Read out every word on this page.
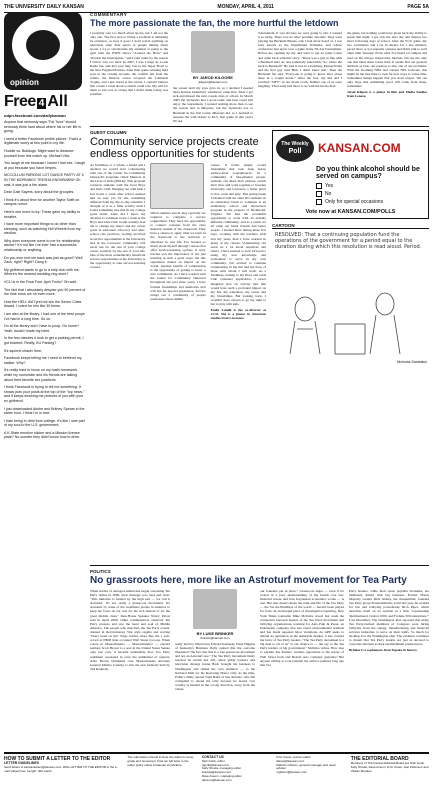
THE UNIVERSITY DAILY KANSAN	MONDAY, APRIL 4, 2011	PAGE 5A
opinion
Free 4 All
udpn.facebook.com/dailykansan

Anyone that seriously says "Fat Tuna" should seriously think hard about where his or her life is going.

I need a better Facebook profile picture. That's a legitimate worry at this point in my life.

Huddle vs. Bulldogs. Might want to distance yourself from this match up. Michael Vick.

You laugh at me because I haven't had sex. I laugh at you because you have herpes.

MCCOLLUM PARKING LOT DANCE PARTY AT 4 IN THE MORNING!! TEESHA KNOWWWW! Oh wait, it was just a fire alarm.

Dear Gale Sayers, sorry about the groupies.

I think it's about time for another Taylor Swift on campus rumor.

Here's one more to try: These gave my ability to breathe.

I have more important things to do other than sleeping, such as watching Hot Wheels from my window.

Why does everyone come to me for relationship advice? It's not like I've ever had a successful relationship or anything.

Do you ever text me back was just as good? Well Zack, right? Right? Dang it.

My girlfriend wants to go to a strip club with me. Where's the nearest wedding ring store?

VCU is in the Final Four. April Fools? Oh wait.

The fact that I absolutely despise you 90 percent of the time turns me on even more.

How the HELL did Tyrel not win the Senior Class Award. I voted for him like 30 times.

I am also at the library. I had one of the best poops I've had in a long time. So on.

I'm at the library and I have to poop. Go home? Yeah, would I trade my toilet.

In the few minutes it took to get a parking permit, I got ticketed. Really, KU Parking?

It's squirrel chasin' time.

Facebook keeps telling me I need to befriend my stalker. Why?

It's really hard to focus on my math homework while my roommate and his friends are talking about their favorite sex positions.

I think Facebook is trying to tell me something. It shows puts your posts at the top of the "top news," and it keeps showing me pictures of you with your ex girlfriend.

I just downloaded Adobe and Britney Spears in the same hour. I think I'm in love.

I hate being in debt from college. It's like I owe part of my soul to the U.S. government.

A K-State emotion sticker and a Mission license plate? No wonder they didn't know how to drive.

COMMENTARY
The more passionate the fan, the more hurtful the letdown
I probably care too much about sports, but I am not the only one. The first step to fixing a problem is admitting its existence, so here it goes: I don't watch anything on television other than sports or people talking about sports. I try to synchronize my attempts at going to the gym with the ESPN shows "Around the Horn" and "Pardon the Interruption," and I take trains by the season I follow way too hard. In 2001, I was a huge St. Louis Rams fan, and that year they lost in the Super Bowl to the New England Patriots. After their game-winning field goal in the closing seconds, the confetti fell from the rafters, the Patriots' owner accepted the Lombardi Trophy, and I just stared at the screen. I couldn't believe that a team I cared about so much could lose. My will for them to win was so strong that I didn't think losing was possible.
BY JAROD KILGORE
jkilgore@kansan.com
the screen until my eyes gave in, so I decided I needed more Kansas basketball, whichever came first. Then I got sick and missed the next couple days of school. In March 2005 the Jayhawks had a good team, and fans could still enjoy the tournament. I wanted nothing more than to see the season end in Missouri, but the Jayhawks lost to Bucknell in the first round. Missouri did, so I decided to surprise me with tickets to KU's first game in that year's NCAA
Tournament. It was obvious we were going to win. I wanted it so badly. There was no other possible outcome. They were playing the Bucknell Bisons, who I had never heard of. I was born known as the Intermittent Wiltshire, and whose conference had never won a game in the NCAA Tournament. Before the opening tip my dad went to get us some Cokes and came back with this story: "There was a guy in line with a Bucknell shirt on, and somebody asked him, 'So, where the heck is Bucknell?' He said it was in Lewisburg, Pennsylvania and the first guy said 'Huh, I didn't know that.' Then the Bucknell fan said, 'Everyone is going to know after about three in a couple hours.'" After the loss, my dad and I watched "SIFY" in our motel room. Neither one of us were laughing. That really had more to do with the movie than
the game, but nothing could have given back my ability to speak that night. I got sick the next day and missed two more following days of school. After the VCU game, my two roommates and I sat in silence for a few minutes, paced more or not supreme oneness and didn't talk to each other until Tuesday. From what I've heard on campus and read on the always trustworthy Internet, I'm not the only one that takes these losses hard. It seems that our greatest attribute as fans, our passion, is also one of our problems. With the booming NBA and current NFL lockouts, this might be the best time to look for new ways to waste time. Sometimes things happen that you don't expect. We can only hope that something good will come from these, sometimes.
Jarod Kilgore is a junior in film and Media Studies from Lenexa.
GUEST COLUMN
Community service projects create endless opportunities for students
As freshmen, or a whale, a friend and I decided we would start volunteering with one of the Center for Community Outreach's programs called Mentors in the Lives of Kids (MILK). This program connects students with the local Boys and Girls Club. Hanging out with kids a few hours a week after school seemed like an easy job for me, something different from my day-to-day schedule. I thought of it as a filler activity until I found something else that fit my college goals better. Little did I know my decision to volunteer twice a week at the Boys and Girls Club would actually lead me to change my major and my career goals in education advocacy and after-school care practices. Getting involved in service opportunities at the University and in the Lawrence community will never use for the rest of your college career, possibly for the rest of your life. One of the most academically beneficial service opportunities at the University is the opportunity to take service-learning courses.
When students enroll, they typically are required to complete a service requirement. They have the opportunity to connect concepts from the class material outside of the classroom. They have a chance to apply what we learn in the classroom to the textbook to situations in real life. I've learned so much about myself through courses that offer service-learning options. It truly teaches you the importance of not just learning in such a great ways, but this experience makes an impact on the world. Another benefit of volunteering is the opportunity of getting to know a new community. As I have worked with the Center for Community Outreach throughout the past three years, I have formed friendships and memories that will last far beyond graduation. Service brings out a community of people passionate about similar
causes. It forms deeply rooted friendships that took deep below surface-level acquaintances. In a community of like-minded people, students can share their passion, enrich their lives and work together to broaden University and Lawrence a better place to live, work and play. This spring break I travelled with six other KU students on an alternative break to volunteer at an elementary school and afterschool program in the projects of Richmond, Virginia. We had the wonderful opportunity to work with an entirely different community, and as a result we all came out better friends and better people. I learned more during those few days, working with the teachers, kids and my peers than I have learned in many of my classes. Volunteering can teach us a lot about ourselves and others. I have learned to look forward to using my new knowledge and excitement to serve in my own community. I'm excited to continue volunteering in my life and the lives of those with whom I will work. As a freshman, turning to my Boys and Girls Club volunteer application, I never imagined how an activity like that would have such a profound impact on my life, my education, my career and my friendships. But looking back, I wouldn't have chosen to go my right to but to play with kids.
Emily Lundh is the co-director at CCO. She is a junior in American studies from Lawrence.
The Weekly
Poll KANSAN.COM
Do you think alcohol should be served on campus?
Yes
No
Only for special occasions
Vote now at KANSAN.COM/POLLS
CARTOON
RESOLVED: That a continuing population fund the operations of the government for a period equal to the duration during which this resolution is read aloud. Period.
Nicholas Sambaluk
POLITICS
No grassroots here, more like an Astroturf movement for Tea Party
When hordes of outraged Americans began convening Tea Party rallies in 2009, their message was loud and clear. "This initiative is funded by the high end — we call it Astroturf. It's not really a grassroots movement. It's Astroturf by some of the wealthiest people in America to keep the focus on tax cuts for the rich instead of for the great middle class," then-House Speaker Nancy Pelosi said in April 2009. Other commentators observed Tea Party protests and saw the heart and soul of Middle America. The people who marched, the Tea Party events, donned in Revolutionary War style regalia and waving "Don't tread on me" flags, harder, more like the 1 p.m. crowd at IHOP than occupied Wall Street tycoons. When voters in Massachusetts — Massachusetts! — elected perhaps Scott Brown to a seat in the United States Senate only last year, it became undeniable that: Tea Party sentiment resonated in even the unlikeliest of regions. After Brown triumphed over Massachusetts Attorney General Martha Coakley to win the seat formerly held by Ted Kennedy,
BY LUKE BRINKER
lbrinker@kansan.com
really held by liberal lion Edward Kennedy, Dana Higgins of Kennedy's Business Daily opined that the outcome illustrated "the fact that this is a true grassroots movement and not an Astroturf one." The Tea Party movement likely reached its zenith last fall, when giddy backers and television throngs Glenn Beck brought his business to Washington and rallied his own audience — to the National Mall for his Restoring Honor rally. At the time, Politico Daily quoted Todd Baird of San Antonio, who felt compelled to attend the rally because he feared "our country is headed in the wrong direction, away from the values
our founders put in place." Grassroots anger — even if it's rooted in a poor understanding of the health care law, financial rescue and how Keynesian economics works — is real. But that doesn't mean the rank-and-file of the Tea Party — the Joe the Plumbers of the world — haven't been played for fools. In an intrepid piece of investigative reporting, New York Times journalist Mike McIntire reveal last week the connection between leaders of the Tea Party movement and lobbying organizations working for Asia Pulp & Paper, an Indonesian company that has razed environmental habitats and has made repeated labor violations. As APP seeks to defend its reputation in the American market, it has courted the favor of Tea Party leaders. "The Tea Party movement is a big deal to all of us" is our chance to — the say to the Tea Party leaders of big government," McIntire writes. How else to explain Tea Partiers' resolute opposition to the rescue of Wall Street from and Detroit auto company guaranty? But anyone willing to look beneath the surface realized long ago that Tea
Party leaders, while their spout populist bromides, are intimately linked with big business. Former House Majority Leader Dick Armey, the mastermind, founded Tea Party group FreedomWorks. Until last year, he worked for law and lobbying powerhouse DLA Piper, which describes itself on its website as a firm "representing 'multinational, Global 1000, and Fortune 500 enterprises.'" Last December, The Washington Post reported that many Tea Party-backed members of Congress were hiring lobbyists from the energy, manufacturing and financial services industries to serve on their staffs. So much for sticking it to the Washington elite. The evidence continues to mount that Tea Party leaders are just as devoted to corporate interests as their establishment predecessors.
Brinker is a sophomore from Topeka in history.
HOW TO SUBMIT A LETTER TO THE EDITOR
LETTER GUIDELINES
Send letters to kansanletters@kansan.com. Write LETTER TO THE EDITOR in the e-mail subject line. Length: 300 words.
The submission should include the author's name, grade and hometown. Find our full letter to the editor policy online at kansan.com/letters.
CONTACT US
Nick Gerik, editor
ngerik@kansan.com
Kelly Stroda, managing editor
kstroda@kansan.com
Dave Axsom, managing editor
daxsom@kansan.com
D.M. Kusel, opinion editor
dkusel@kansan.com
Malcolm Gibson, general manager and news adviser
mgibson@kansan.com
THE EDITORIAL BOARD
Members of The Kansan Editorial Board are Nick Gerik, Kelly Stroda, Dave Axsom, D.M. Kusel, Joel Petterson and Vikaas Shanker.
